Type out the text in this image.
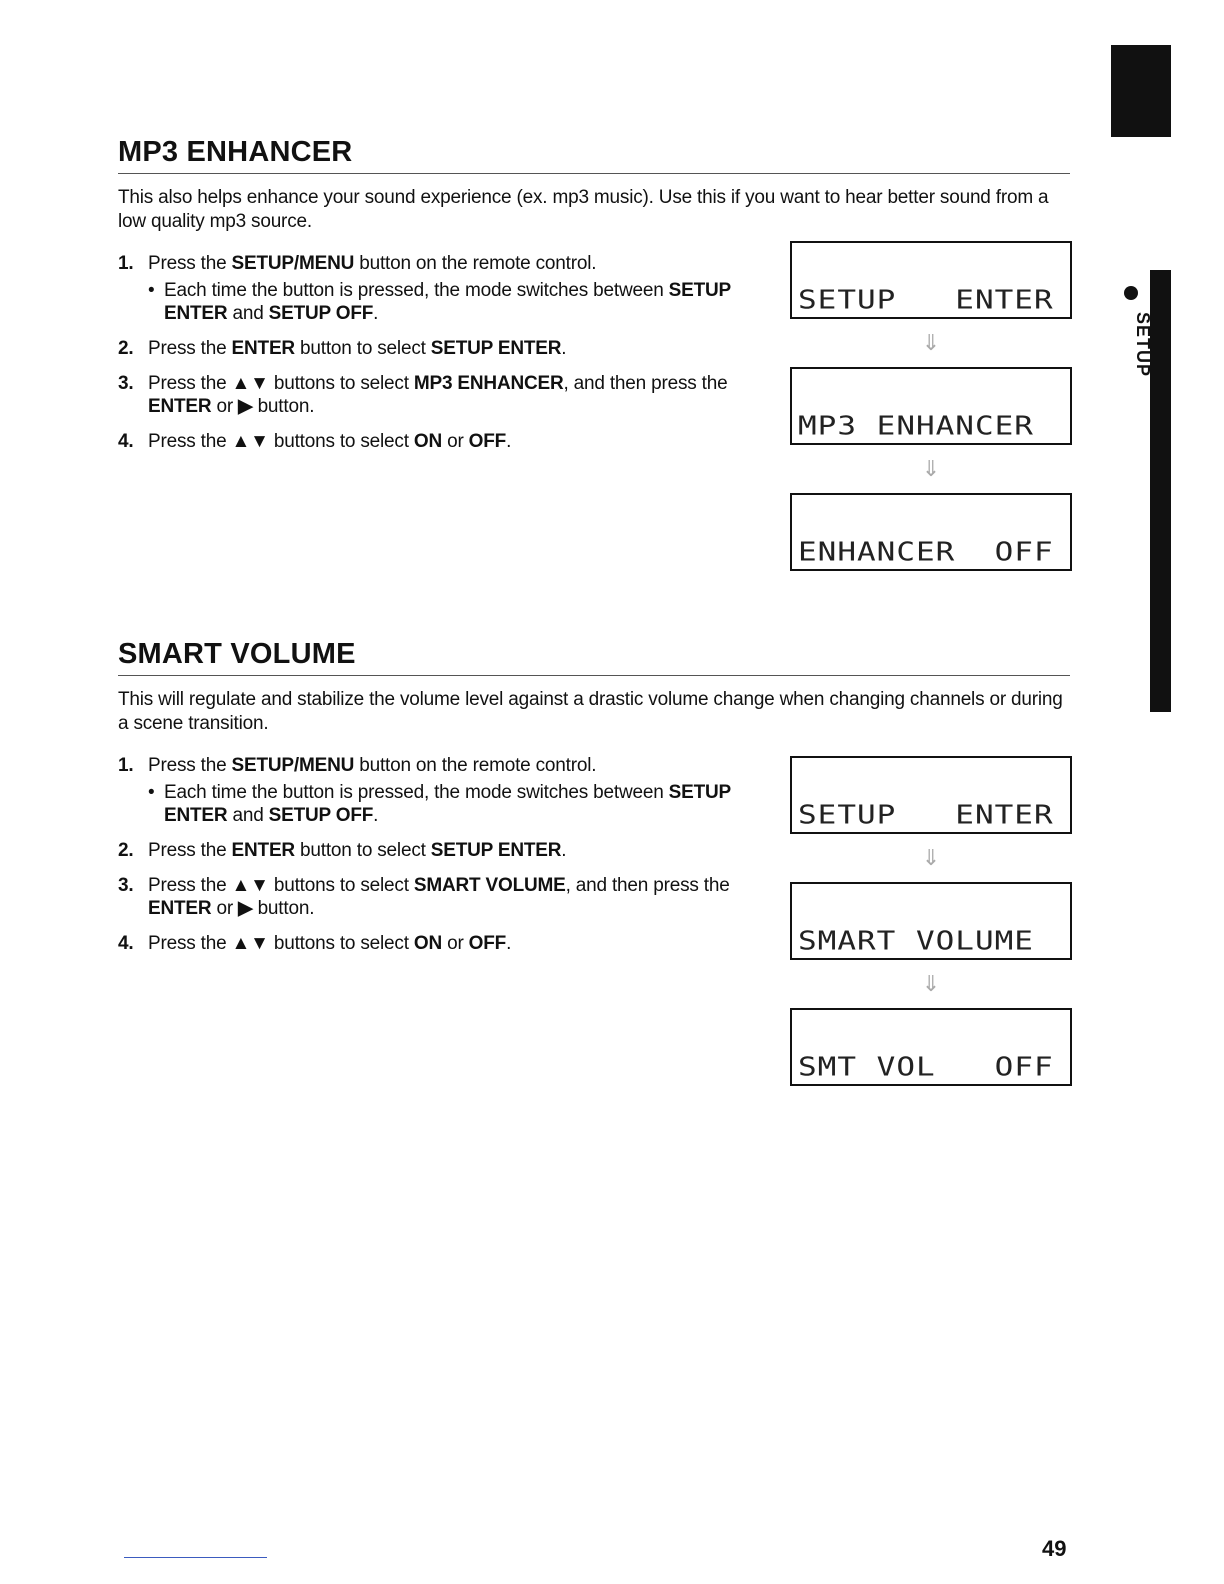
SETUP
MP3 ENHANCER

This also helps enhance your sound experience (ex. mp3 music). Use this if you want to hear better sound from a low quality mp3 source.

1. Press the SETUP/MENU button on the remote control.
• Each time the button is pressed, the mode switches between SETUP ENTER and SETUP OFF.
2. Press the ENTER button to select SETUP ENTER.
3. Press the ▲▼ buttons to select MP3 ENHANCER, and then press the ENTER or ▶ button.
4. Press the ▲▼ buttons to select ON or OFF.
SETUP   ENTER
⇓
MP3 ENHANCER
⇓
ENHANCER  OFF
SMART VOLUME

This will regulate and stabilize the volume level against a drastic volume change when changing channels or during a scene transition.

1. Press the SETUP/MENU button on the remote control.
• Each time the button is pressed, the mode switches between SETUP ENTER and SETUP OFF.
2. Press the ENTER button to select SETUP ENTER.
3. Press the ▲▼ buttons to select SMART VOLUME, and then press the ENTER or ▶ button.
4. Press the ▲▼ buttons to select ON or OFF.
SETUP   ENTER
⇓
SMART VOLUME
⇓
SMT VOL   OFF
49
